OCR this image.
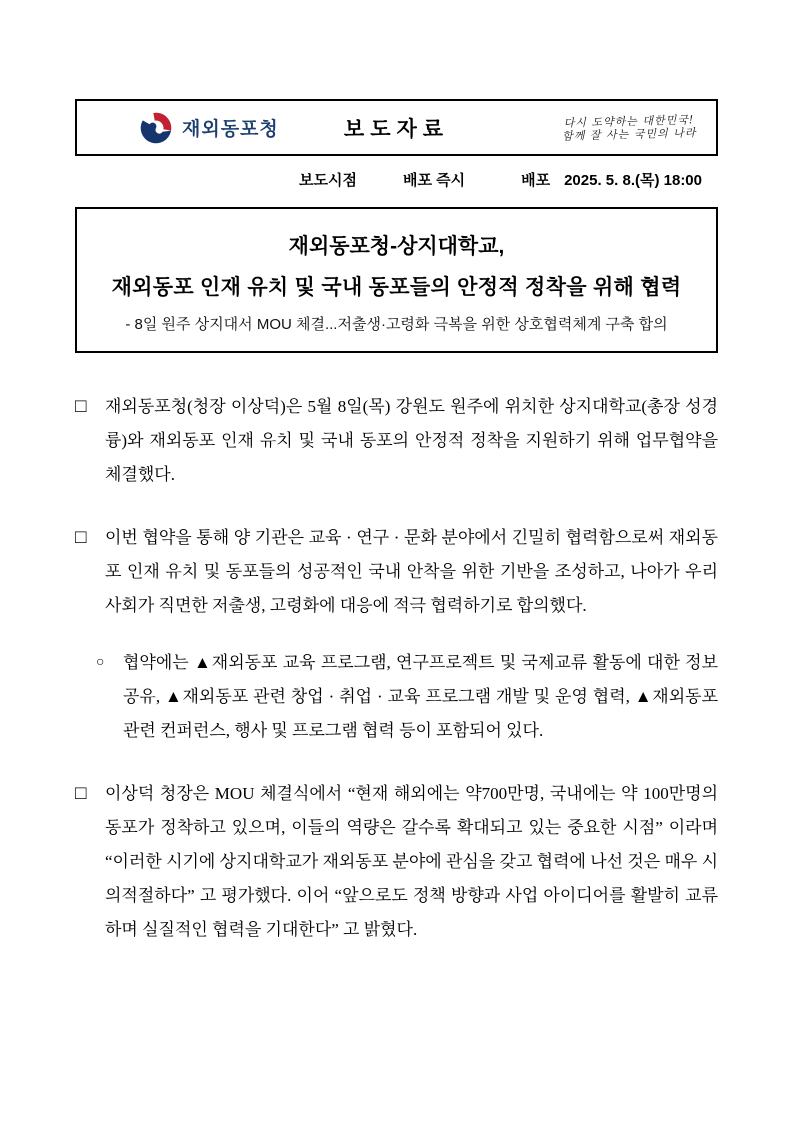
재외동포청	보도자료	다시 도약하는 대한민국!
함께 잘 사는 국민의 나라
보도시점	배포 즉시	배포 2025. 5. 8.(목) 18:00
재외동포청-상지대학교,
재외동포 인재 유치 및 국내 동포들의 안정적 정착을 위해 협력
- 8일 원주 상지대서 MOU 체결...저출생·고령화 극복을 위한 상호협력체계 구축 합의
□	재외동포청(청장 이상덕)은 5월 8일(목) 강원도 원주에 위치한 상지대학교(총장 성경륭)와 재외동포 인재 유치 및 국내 동포의 안정적 정착을 지원하기 위해 업무협약을 체결했다.
□	이번 협약을 통해 양 기관은 교육 · 연구 · 문화 분야에서 긴밀히 협력함으로써 재외동포 인재 유치 및 동포들의 성공적인 국내 안착을 위한 기반을 조성하고, 나아가 우리사회가 직면한 저출생, 고령화에 대응에 적극 협력하기로 합의했다.
○	협약에는 ▲재외동포 교육 프로그램, 연구프로젝트 및 국제교류 활동에 대한 정보 공유, ▲재외동포 관련 창업 · 취업 · 교육 프로그램 개발 및 운영 협력, ▲재외동포 관련 컨퍼런스, 행사 및 프로그램 협력 등이 포함되어 있다.
□	이상덕 청장은 MOU 체결식에서 “현재 해외에는 약700만명, 국내에는 약 100만명의 동포가 정착하고 있으며, 이들의 역량은 갈수록 확대되고 있는 중요한 시점” 이라며 “이러한 시기에 상지대학교가 재외동포 분야에 관심을 갖고 협력에 나선 것은 매우 시의적절하다” 고 평가했다. 이어 “앞으로도 정책 방향과 사업 아이디어를 활발히 교류하며 실질적인 협력을 기대한다” 고 밝혔다.
